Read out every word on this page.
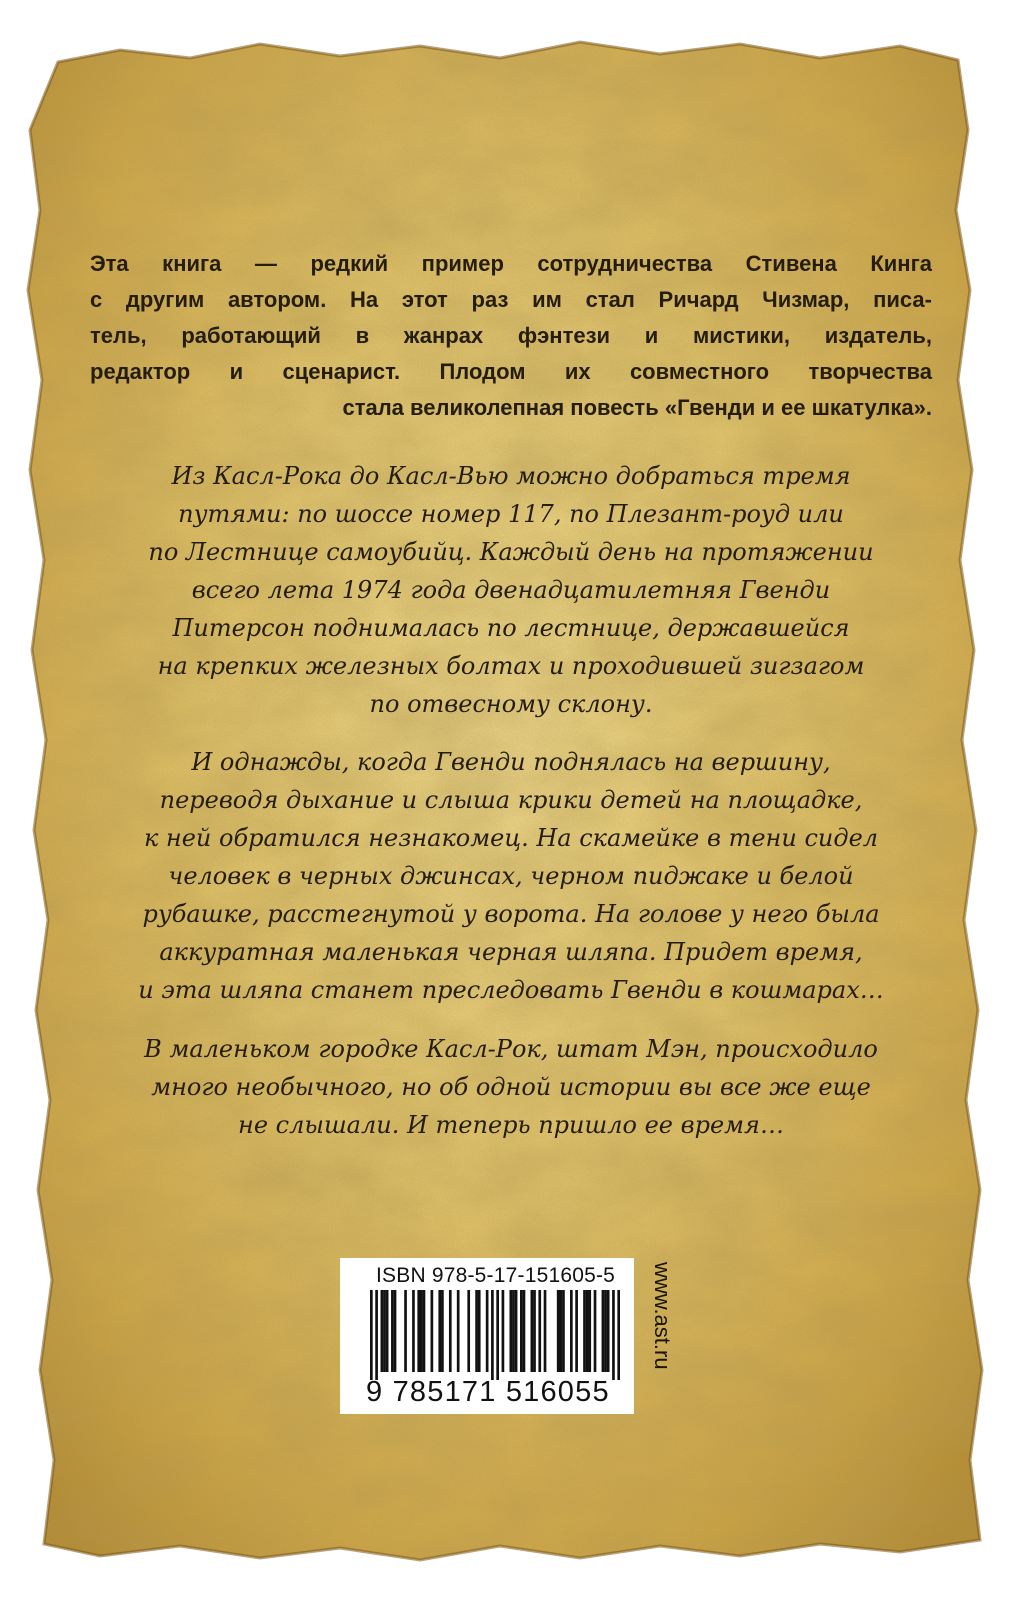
Эта книга — редкий пример сотрудничества Стивена Кинга
с другим автором. На этот раз им стал Ричард Чизмар, писа-
тель, работающий в жанрах фэнтези и мистики, издатель,
редактор и сценарист. Плодом их совместного творчества
стала великолепная повесть «Гвенди и ее шкатулка».
Из Касл-Рока до Касл-Вью можно добраться тремя
путями: по шоссе номер 117, по Плезант-роуд или
по Лестнице самоубийц. Каждый день на протяжении
всего лета 1974 года двенадцатилетняя Гвенди
Питерсон поднималась по лестнице, державшейся
на крепких железных болтах и проходившей зигзагом
по отвесному склону.
И однажды, когда Гвенди поднялась на вершину,
переводя дыхание и слыша крики детей на площадке,
к ней обратился незнакомец. На скамейке в тени сидел
человек в черных джинсах, черном пиджаке и белой
рубашке, расстегнутой у ворота. На голове у него была
аккуратная маленькая черная шляпа. Придет время,
и эта шляпа станет преследовать Гвенди в кошмарах…
В маленьком городке Касл-Рок, штат Мэн, происходило
много необычного, но об одной истории вы все же еще
не слышали. И теперь пришло ее время…
ISBN 978-5-17-151605-5
9 785171 516055
www.ast.ru
